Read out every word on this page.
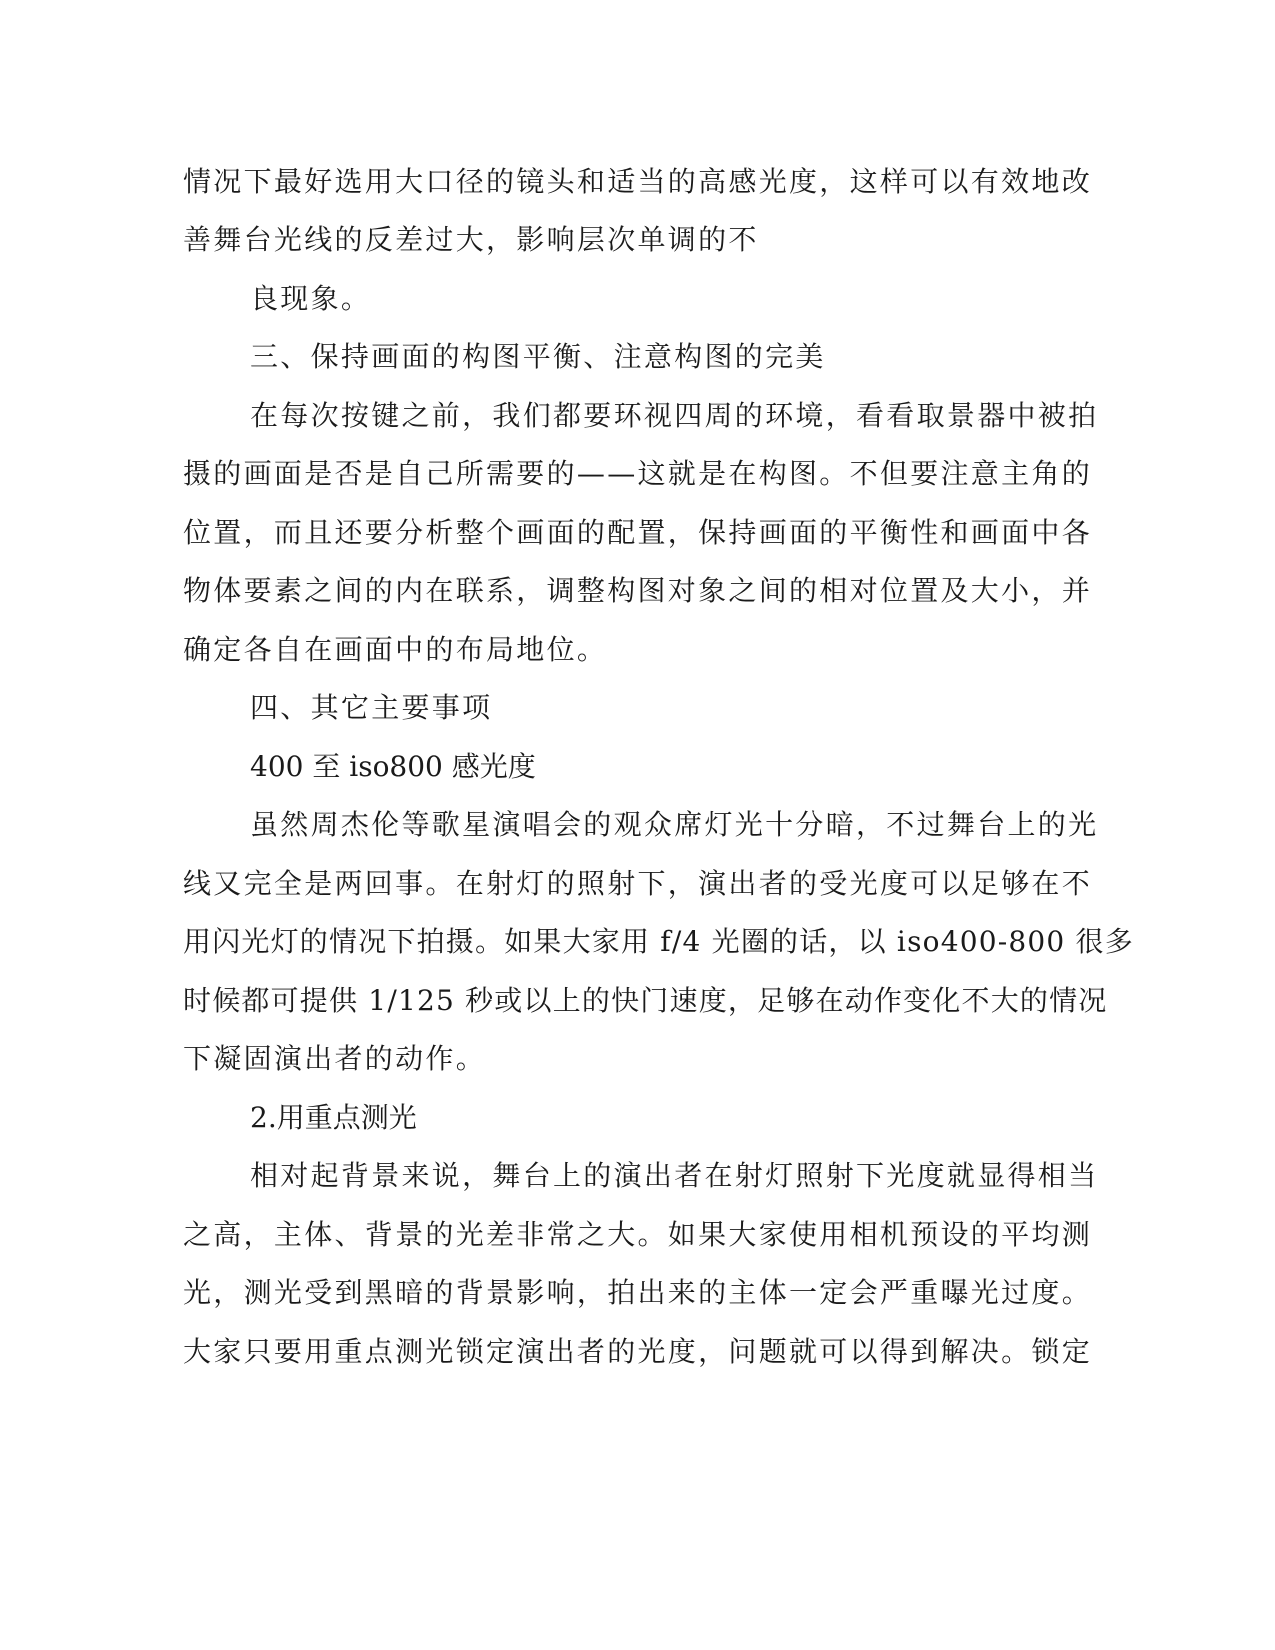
情况下最好选用大口径的镜头和适当的高感光度，这样可以有效地改
善舞台光线的反差过大，影响层次单调的不
良现象。
三、保持画面的构图平衡、注意构图的完美
在每次按键之前，我们都要环视四周的环境，看看取景器中被拍
摄的画面是否是自己所需要的——这就是在构图。不但要注意主角的
位置，而且还要分析整个画面的配置，保持画面的平衡性和画面中各
物体要素之间的内在联系，调整构图对象之间的相对位置及大小，并
确定各自在画面中的布局地位。
四、其它主要事项
400 至 iso800 感光度
虽然周杰伦等歌星演唱会的观众席灯光十分暗，不过舞台上的光
线又完全是两回事。在射灯的照射下，演出者的受光度可以足够在不
用闪光灯的情况下拍摄。如果大家用 f/4 光圈的话，以 iso400-800 很多
时候都可提供 1/125 秒或以上的快门速度，足够在动作变化不大的情况
下凝固演出者的动作。
2.用重点测光
相对起背景来说，舞台上的演出者在射灯照射下光度就显得相当
之高，主体、背景的光差非常之大。如果大家使用相机预设的平均测
光，测光受到黑暗的背景影响，拍出来的主体一定会严重曝光过度。
大家只要用重点测光锁定演出者的光度，问题就可以得到解决。锁定
